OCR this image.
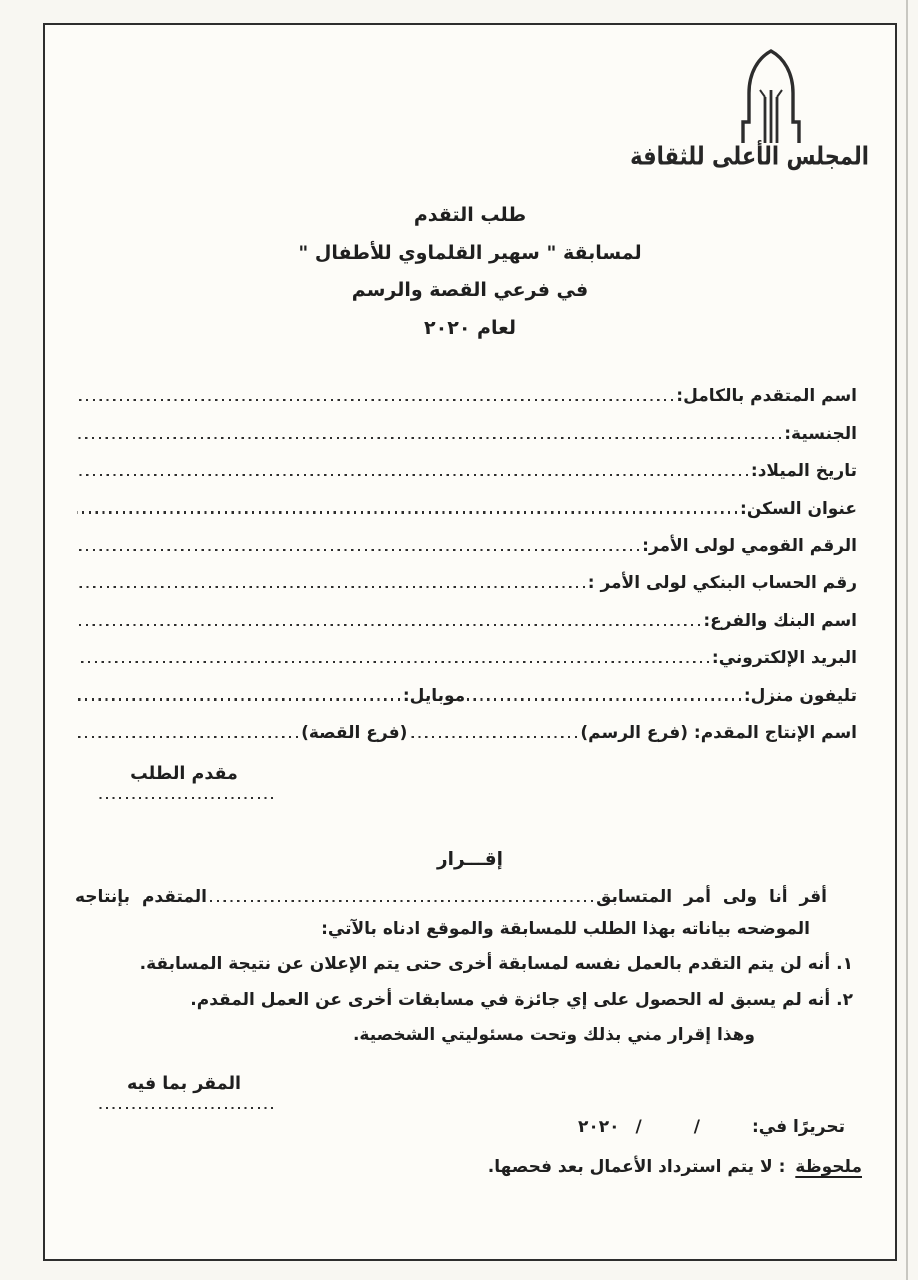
المجلس الأعلى للثقافة
طلب التقدم
لمسابقة " سهير القلماوي للأطفال "
في فرعي القصة والرسم
لعام ٢٠٢٠
اسم المتقدم بالكامل:
الجنسية:
تاريخ الميلاد:
عنوان السكن:
الرقم القومي لولى الأمر:
رقم الحساب البنكي لولى الأمر :
اسم البنك والفرع:
البريد الإلكتروني:
تليفون منزل:
موبايل:
اسم الإنتاج المقدم: (فرع الرسم)
(فرع القصة)
مقدم الطلب
إقـــرار
أقر أنا ولى أمر المتسابق
المتقدم بإنتاجه
الموضحه بياناته بهذا الطلب للمسابقة والموقع ادناه بالآتي:
١. أنه لن يتم التقدم بالعمل نفسه لمسابقة أخرى حتى يتم الإعلان عن نتيجة المسابقة.
٢. أنه لم يسبق له الحصول على إي جائزة في مسابقات أخرى عن العمل المقدم.
وهذا إقرار مني بذلك وتحت مسئوليتي الشخصية.
المقر بما فيه
تحريرًا في:
/
/
٢٠٢٠
ملحوظة : لا يتم استرداد الأعمال بعد فحصها.
